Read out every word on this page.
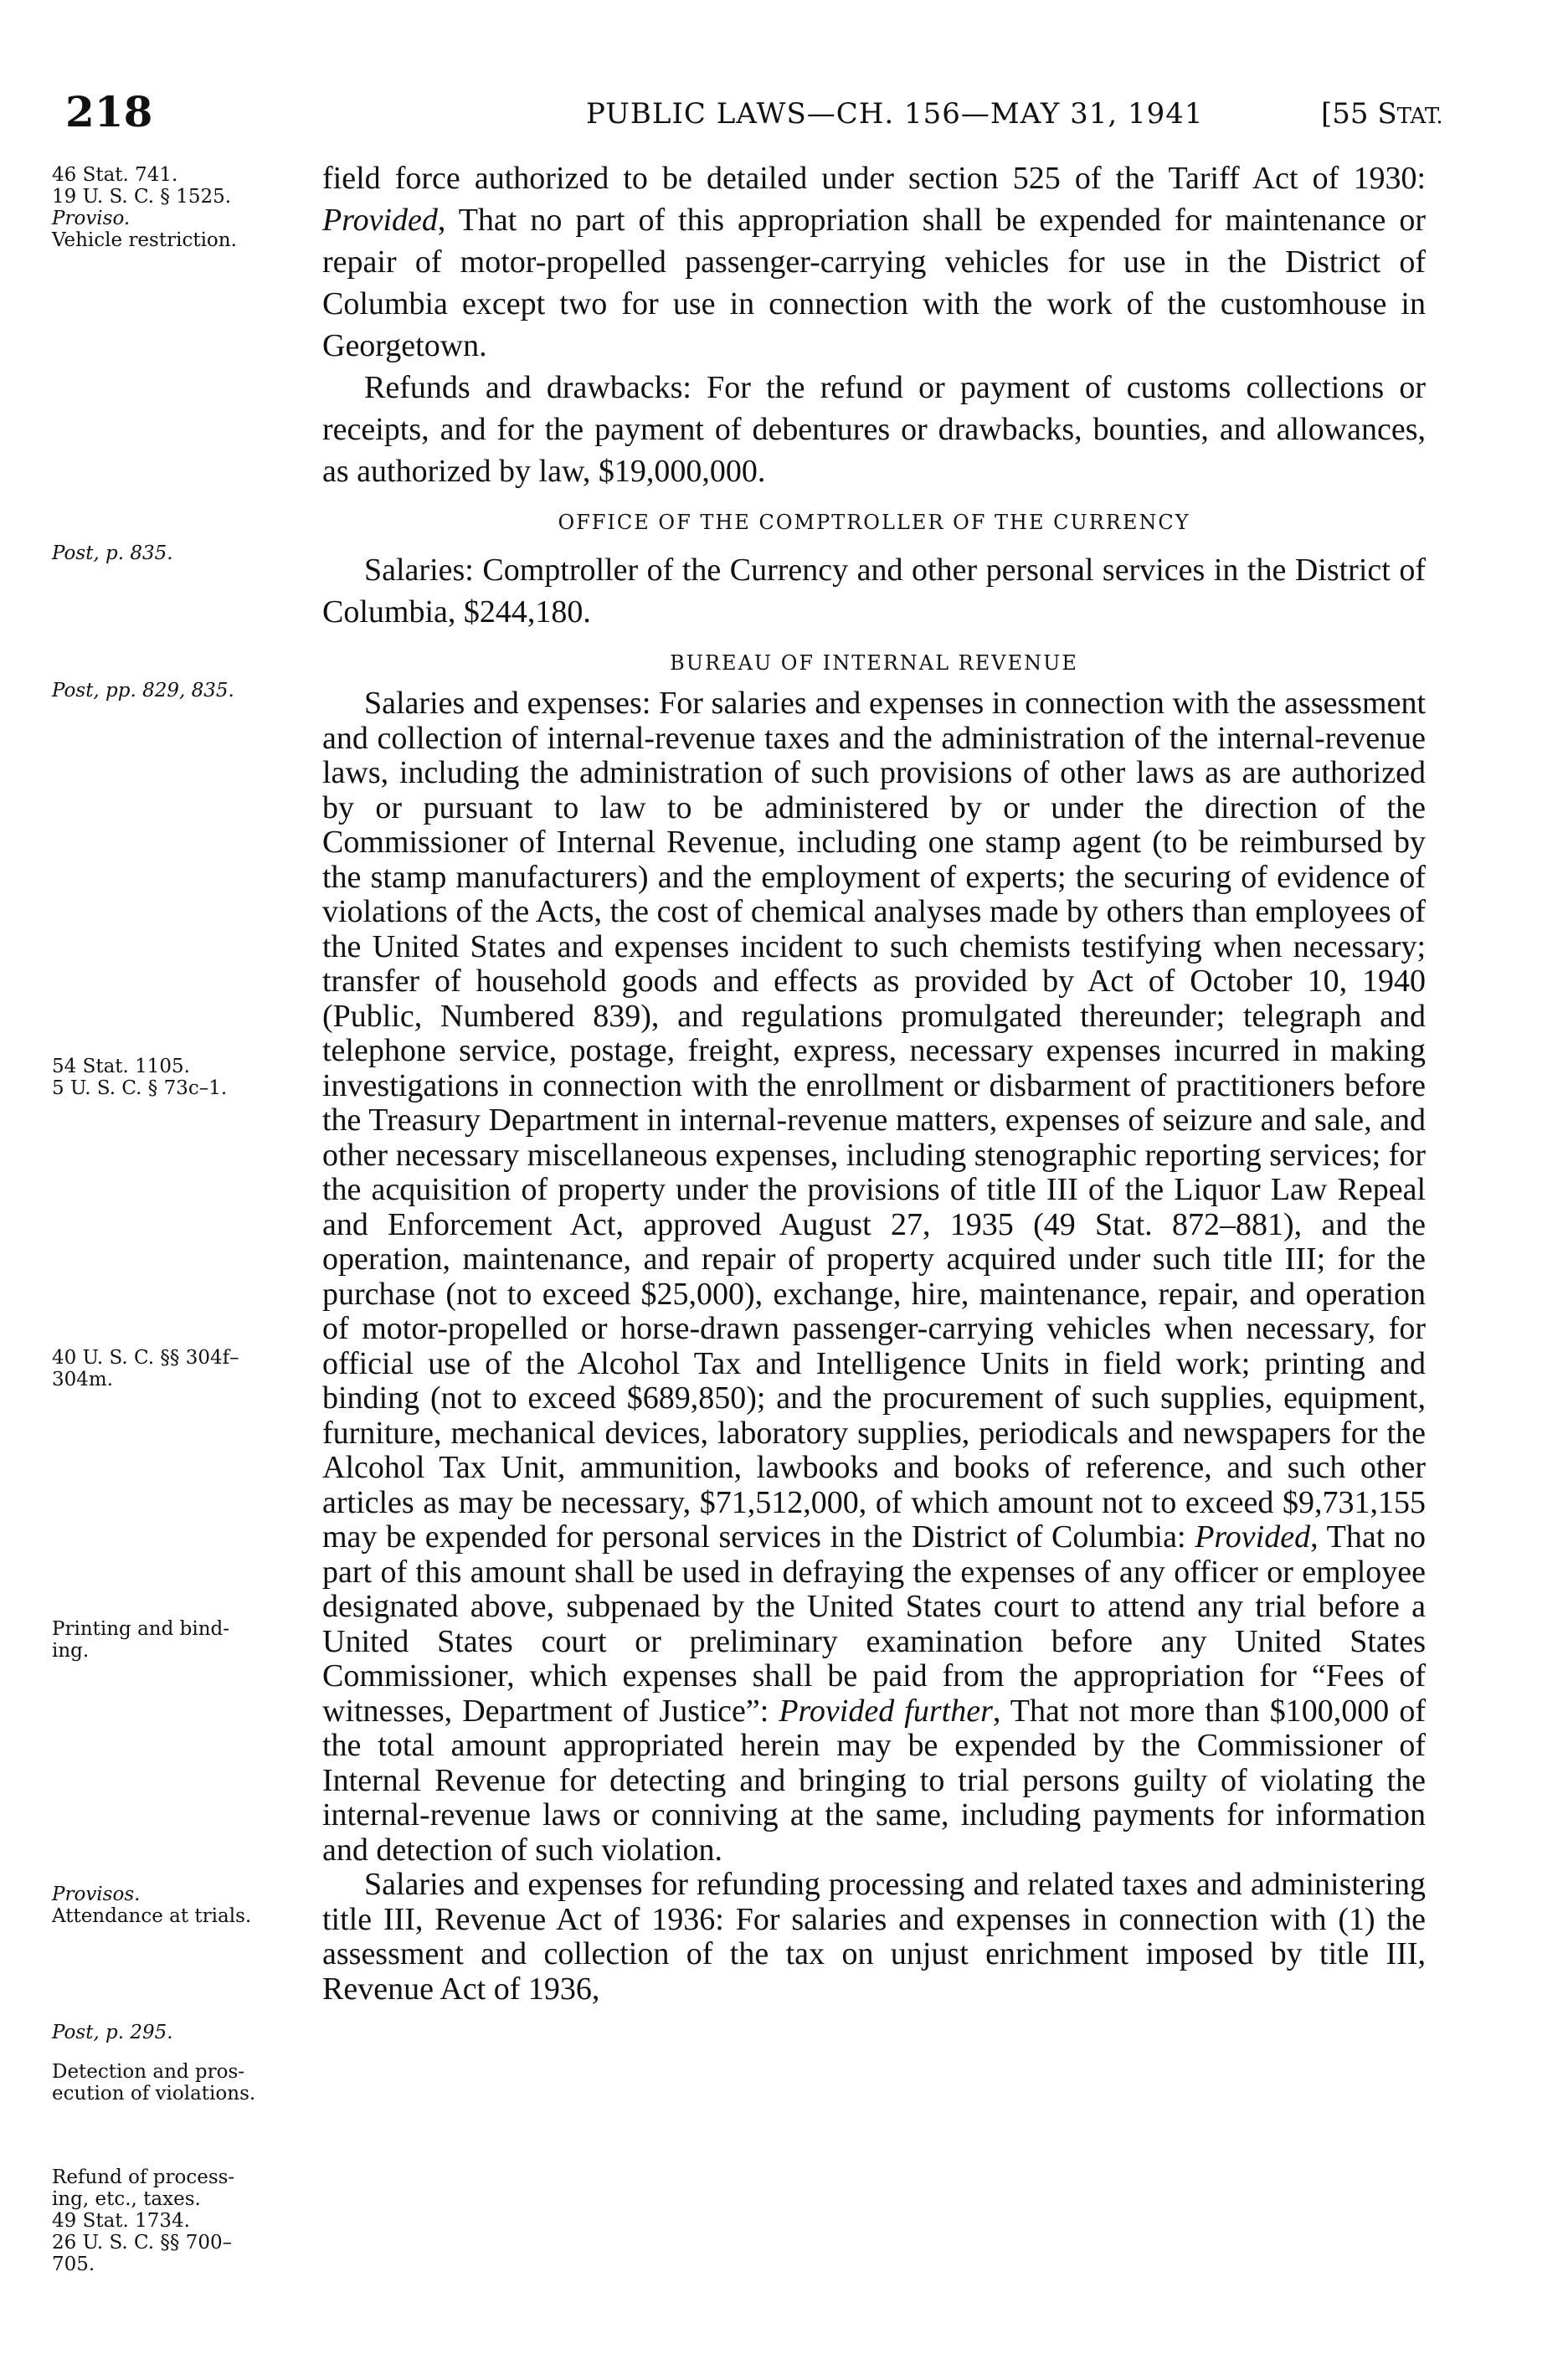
218	PUBLIC LAWS—CH. 156—MAY 31, 1941	[55 STAT.
46 Stat. 741.
19 U. S. C. § 1525.
Proviso.
Vehicle restriction.
Post, p. 835.
Post, pp. 829, 835.
54 Stat. 1105.
5 U. S. C. § 73c–1.
40 U. S. C. §§ 304f–
304m.
Printing and bind-
ing.
Provisos.
Attendance at trials.
Post, p. 295.
Detection and pros-
ecution of violations.
Refund of process-
ing, etc., taxes.
49 Stat. 1734.
26 U. S. C. §§ 700–
705.

field force authorized to be detailed under section 525 of the Tariff Act of 1930: Provided, That no part of this appropriation shall be expended for maintenance or repair of motor-propelled passenger-carrying vehicles for use in the District of Columbia except two for use in connection with the work of the customhouse in Georgetown.

Refunds and drawbacks: For the refund or payment of customs collections or receipts, and for the payment of debentures or drawbacks, bounties, and allowances, as authorized by law, $19,000,000.

OFFICE OF THE COMPTROLLER OF THE CURRENCY

Salaries: Comptroller of the Currency and other personal services in the District of Columbia, $244,180.

BUREAU OF INTERNAL REVENUE

Salaries and expenses: For salaries and expenses in connection with the assessment and collection of internal-revenue taxes and the administration of the internal-revenue laws, including the administration of such provisions of other laws as are authorized by or pursuant to law to be administered by or under the direction of the Commissioner of Internal Revenue, including one stamp agent (to be reimbursed by the stamp manufacturers) and the employment of experts; the securing of evidence of violations of the Acts, the cost of chemical analyses made by others than employees of the United States and expenses incident to such chemists testifying when necessary; transfer of household goods and effects as provided by Act of October 10, 1940 (Public, Numbered 839), and regulations promulgated thereunder; telegraph and telephone service, postage, freight, express, necessary expenses incurred in making investigations in connection with the enrollment or disbarment of practitioners before the Treasury Department in internal-revenue matters, expenses of seizure and sale, and other necessary miscellaneous expenses, including stenographic reporting services; for the acquisition of property under the provisions of title III of the Liquor Law Repeal and Enforcement Act, approved August 27, 1935 (49 Stat. 872–881), and the operation, maintenance, and repair of property acquired under such title III; for the purchase (not to exceed $25,000), exchange, hire, maintenance, repair, and operation of motor-propelled or horse-drawn passenger-carrying vehicles when necessary, for official use of the Alcohol Tax and Intelligence Units in field work; printing and binding (not to exceed $689,850); and the procurement of such supplies, equipment, furniture, mechanical devices, laboratory supplies, periodicals and newspapers for the Alcohol Tax Unit, ammunition, lawbooks and books of reference, and such other articles as may be necessary, $71,512,000, of which amount not to exceed $9,731,155 may be expended for personal services in the District of Columbia: Provided, That no part of this amount shall be used in defraying the expenses of any officer or employee designated above, subpenaed by the United States court to attend any trial before a United States court or preliminary examination before any United States Commissioner, which expenses shall be paid from the appropriation for “Fees of witnesses, Department of Justice”: Provided further, That not more than $100,000 of the total amount appropriated herein may be expended by the Commissioner of Internal Revenue for detecting and bringing to trial persons guilty of violating the internal-revenue laws or conniving at the same, including payments for information and detection of such violation.

Salaries and expenses for refunding processing and related taxes and administering title III, Revenue Act of 1936: For salaries and expenses in connection with (1) the assessment and collection of the tax on unjust enrichment imposed by title III, Revenue Act of 1936,
